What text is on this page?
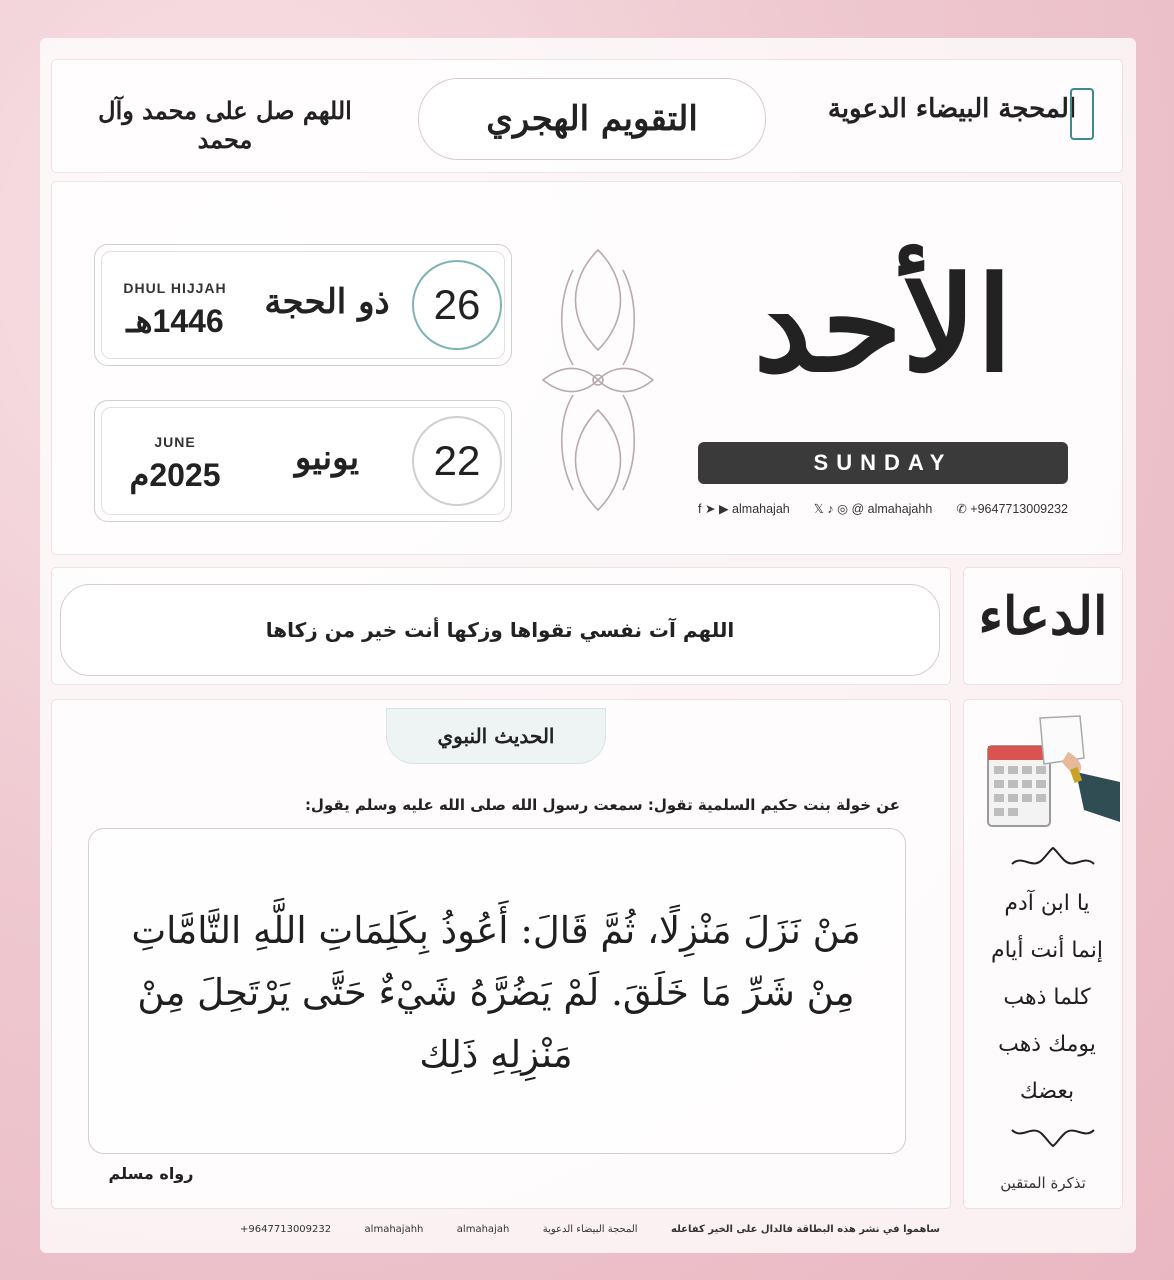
المحجة البيضاء الدعوية
التقويم الهجري
اللهم صل على محمد وآل محمد
الأحد
SUNDAY
f ➤ ▶ almahajah 𝕏 ♪ ◎ @ almahajahh ✆ +9647713009232
26
ذو الحجة
DHUL HIJJAH
1446هـ
22
يونيو
JUNE
2025م
اللهم آت نفسي تقواها وزكها أنت خير من زكاها	الدعاء
الحديث النبوي
عن خولة بنت حكيم السلمية تقول: سمعت رسول الله صلى الله عليه وسلم يقول:
مَنْ نَزَلَ مَنْزِلًا، ثُمَّ قَالَ: أَعُوذُ بِكَلِمَاتِ اللَّهِ التَّامَّاتِ مِنْ شَرِّ مَا خَلَقَ. لَمْ يَضُرَّهُ شَيْءٌ حَتَّى يَرْتَحِلَ مِنْ مَنْزِلِهِ ذَلِك
رواه مسلم
يا ابن آدم
إنما أنت أيام
كلما ذهب
يومك ذهب
بعضك
تذكرة المتقين
ساهموا في نشر هذه البطاقة فالدال على الخير كفاعله
المحجة البيضاء الدعوية
almahajah
almahajahh
+9647713009232
